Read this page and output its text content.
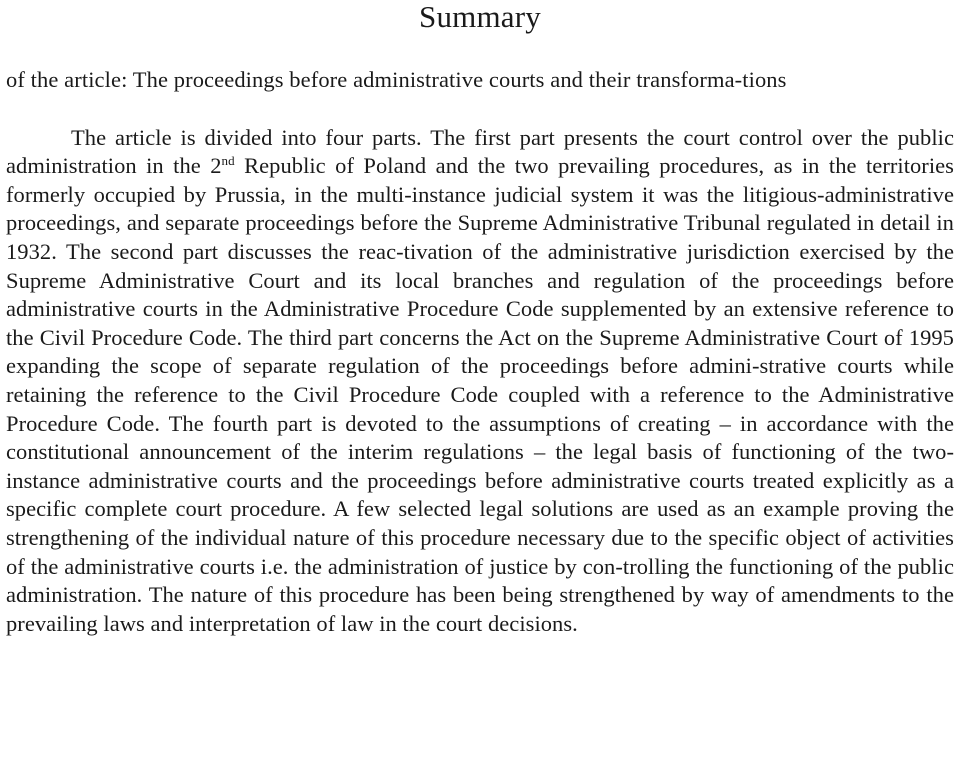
Summary

of the article: The proceedings before administrative courts and their transforma-tions

The article is divided into four parts. The first part presents the court control over the public administration in the 2nd Republic of Poland and the two prevailing procedures, as in the territories formerly occupied by Prussia, in the multi-instance judicial system it was the litigious-administrative proceedings, and separate proceedings before the Supreme Administrative Tribunal regulated in detail in 1932. The second part discusses the reac-tivation of the administrative jurisdiction exercised by the Supreme Administrative Court and its local branches and regulation of the proceedings before administrative courts in the Administrative Procedure Code supplemented by an extensive reference to the Civil Procedure Code. The third part concerns the Act on the Supreme Administrative Court of 1995 expanding the scope of separate regulation of the proceedings before admini-strative courts while retaining the reference to the Civil Procedure Code coupled with a reference to the Administrative Procedure Code. The fourth part is devoted to the assumptions of creating – in accordance with the constitutional announcement of the interim regulations – the legal basis of functioning of the two-instance administrative courts and the proceedings before administrative courts treated explicitly as a specific complete court procedure. A few selected legal solutions are used as an example proving the strengthening of the individual nature of this procedure necessary due to the specific object of activities of the administrative courts i.e. the administration of justice by con-trolling the functioning of the public administration. The nature of this procedure has been being strengthened by way of amendments to the prevailing laws and interpretation of law in the court decisions.
